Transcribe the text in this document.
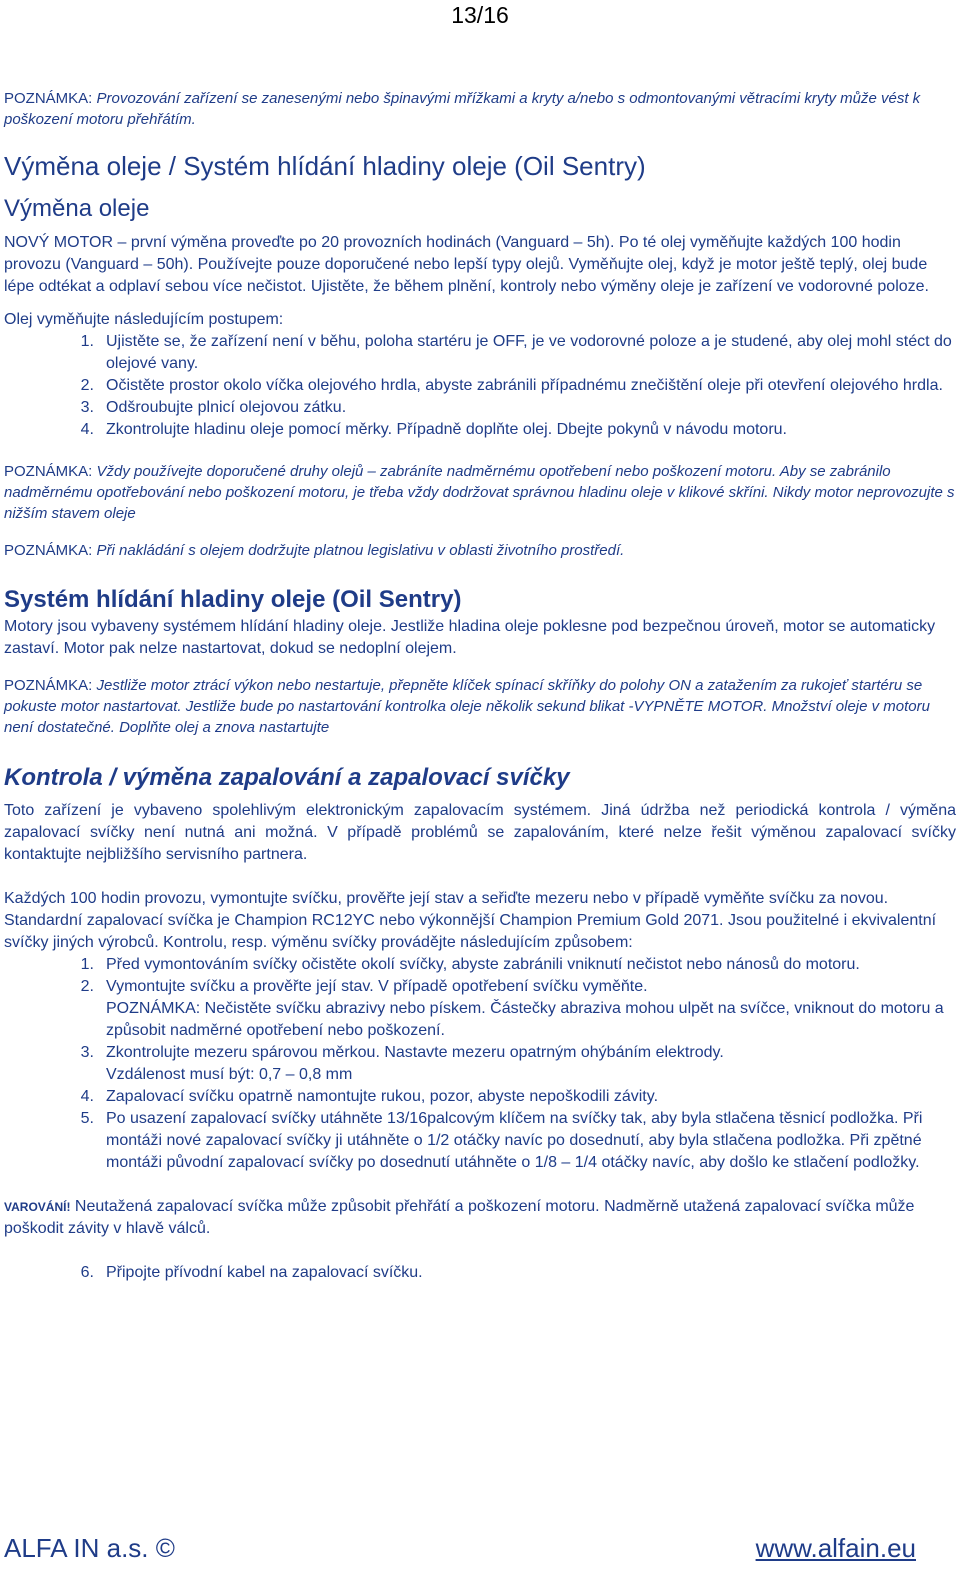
13/16

POZNÁMKA: Provozování zařízení se zanesenými nebo špinavými mřížkami a kryty a/nebo s odmontovanými větracími kryty může vést k poškození motoru přehřátím.

Výměna oleje / Systém hlídání hladiny oleje (Oil Sentry)
Výměna oleje

NOVÝ MOTOR – první výměna proveďte po 20 provozních hodinách (Vanguard – 5h). Po té olej vyměňujte každých 100 hodin provozu (Vanguard – 50h). Používejte pouze doporučené nebo lepší typy olejů. Vyměňujte olej, když je motor ještě teplý, olej bude lépe odtékat a odplaví sebou více nečistot. Ujistěte, že během plnění, kontroly nebo výměny oleje je zařízení ve vodorovné poloze.

Olej vyměňujte následujícím postupem:

1. Ujistěte se, že zařízení není v běhu, poloha startéru je OFF, je ve vodorovné poloze a je studené, aby olej mohl stéct do olejové vany.
2. Očistěte prostor okolo víčka olejového hrdla, abyste zabránili případnému znečištění oleje při otevření olejového hrdla.
3. Odšroubujte plnicí olejovou zátku.
4. Zkontrolujte hladinu oleje pomocí měrky. Případně doplňte olej. Dbejte pokynů v návodu motoru.

POZNÁMKA: Vždy používejte doporučené druhy olejů – zabráníte nadměrnému opotřebení nebo poškození motoru. Aby se zabránilo nadměrnému opotřebování nebo poškození motoru, je třeba vždy dodržovat správnou hladinu oleje v klikové skříni. Nikdy motor neprovozujte s nižším stavem oleje

POZNÁMKA: Při nakládání s olejem dodržujte platnou legislativu v oblasti životního prostředí.

Systém hlídání hladiny oleje (Oil Sentry)

Motory jsou vybaveny systémem hlídání hladiny oleje. Jestliže hladina oleje poklesne pod bezpečnou úroveň, motor se automaticky zastaví. Motor pak nelze nastartovat, dokud se nedoplní olejem.

POZNÁMKA: Jestliže motor ztrácí výkon nebo nestartuje, přepněte klíček spínací skříňky do polohy ON a zatažením za rukojeť startéru se pokuste motor nastartovat. Jestliže bude po nastartování kontrolka oleje několik sekund blikat -VYPNĚTE MOTOR. Množství oleje v motoru není dostatečné. Doplňte olej a znova nastartujte

Kontrola / výměna zapalování a zapalovací svíčky

Toto zařízení je vybaveno spolehlivým elektronickým zapalovacím systémem. Jiná údržba než periodická kontrola / výměna zapalovací svíčky není nutná ani možná. V případě problémů se zapalováním, které nelze řešit výměnou zapalovací svíčky kontaktujte nejbližšího servisního partnera.

Každých 100 hodin provozu, vymontujte svíčku, prověřte její stav a seřiďte mezeru nebo v případě vyměňte svíčku za novou. Standardní zapalovací svíčka je Champion RC12YC nebo výkonnější Champion Premium Gold 2071. Jsou použitelné i ekvivalentní svíčky jiných výrobců. Kontrolu, resp. výměnu svíčky provádějte následujícím způsobem:

1. Před vymontováním svíčky očistěte okolí svíčky, abyste zabránili vniknutí nečistot nebo nánosů do motoru.
2. Vymontujte svíčku a prověřte její stav. V případě opotřebení svíčku vyměňte.
POZNÁMKA: Nečistěte svíčku abrazivy nebo pískem. Částečky abraziva mohou ulpět na svíčce, vniknout do motoru a způsobit nadměrné opotřebení nebo poškození.
3. Zkontrolujte mezeru spárovou měrkou. Nastavte mezeru opatrným ohýbáním elektrody.
Vzdálenost musí být: 0,7 – 0,8 mm
4. Zapalovací svíčku opatrně namontujte rukou, pozor, abyste nepoškodili závity.
5. Po usazení zapalovací svíčky utáhněte 13/16palcovým klíčem na svíčky tak, aby byla stlačena těsnicí podložka. Při montáži nové zapalovací svíčky ji utáhněte o 1/2 otáčky navíc po dosednutí, aby byla stlačena podložka. Při zpětné montáži původní zapalovací svíčky po dosednutí utáhněte o 1/8 – 1/4 otáčky navíc, aby došlo ke stlačení podložky.

VAROVÁNÍ! Neutažená zapalovací svíčka může způsobit přehřátí a poškození motoru. Nadměrně utažená zapalovací svíčka může poškodit závity v hlavě válců.

6. Připojte přívodní kabel na zapalovací svíčku.
ALFA IN a.s. ©	www.alfain.eu
